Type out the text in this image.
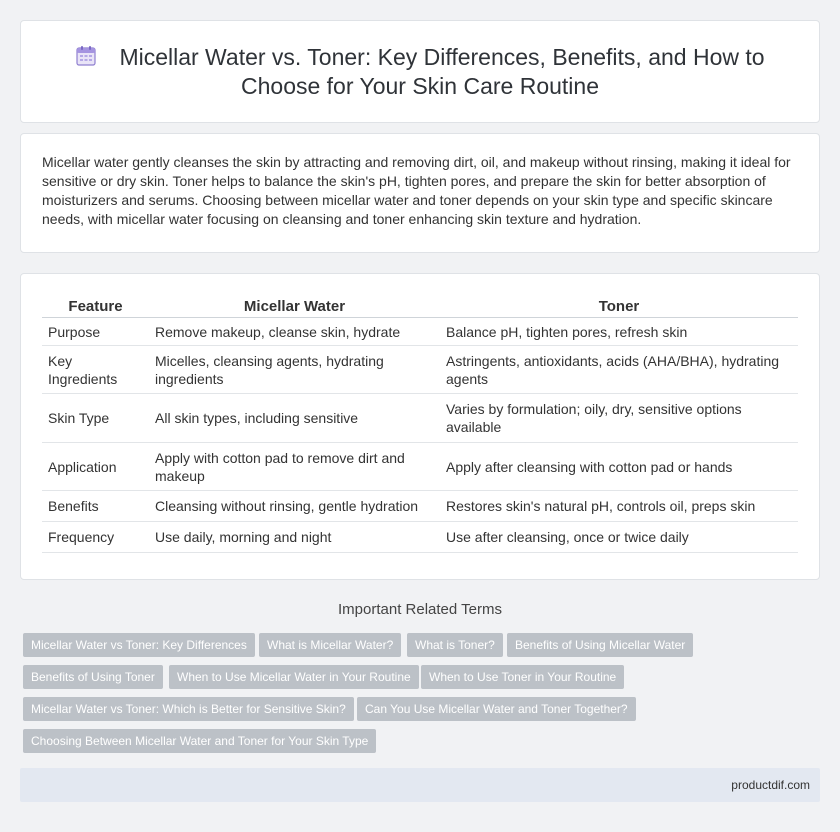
Micellar Water vs. Toner: Key Differences, Benefits, and How to Choose for Your Skin Care Routine

Micellar water gently cleanses the skin by attracting and removing dirt, oil, and makeup without rinsing, making it ideal for sensitive or dry skin. Toner helps to balance the skin's pH, tighten pores, and prepare the skin for better absorption of moisturizers and serums. Choosing between micellar water and toner depends on your skin type and specific skincare needs, with micellar water focusing on cleansing and toner enhancing skin texture and hydration.

Feature	Micellar Water	Toner
Purpose	Remove makeup, cleanse skin, hydrate	Balance pH, tighten pores, refresh skin
Key Ingredients	Micelles, cleansing agents, hydrating ingredients	Astringents, antioxidants, acids (AHA/BHA), hydrating agents
Skin Type	All skin types, including sensitive	Varies by formulation; oily, dry, sensitive options available
Application	Apply with cotton pad to remove dirt and makeup	Apply after cleansing with cotton pad or hands
Benefits	Cleansing without rinsing, gentle hydration	Restores skin's natural pH, controls oil, preps skin
Frequency	Use daily, morning and night	Use after cleansing, once or twice daily
Important Related Terms
Micellar Water vs Toner: Key Differences	What is Micellar Water?	What is Toner?	Benefits of Using Micellar Water
Benefits of Using Toner	When to Use Micellar Water in Your Routine	When to Use Toner in Your Routine
Micellar Water vs Toner: Which is Better for Sensitive Skin?	Can You Use Micellar Water and Toner Together?
Choosing Between Micellar Water and Toner for Your Skin Type
productdif.com
